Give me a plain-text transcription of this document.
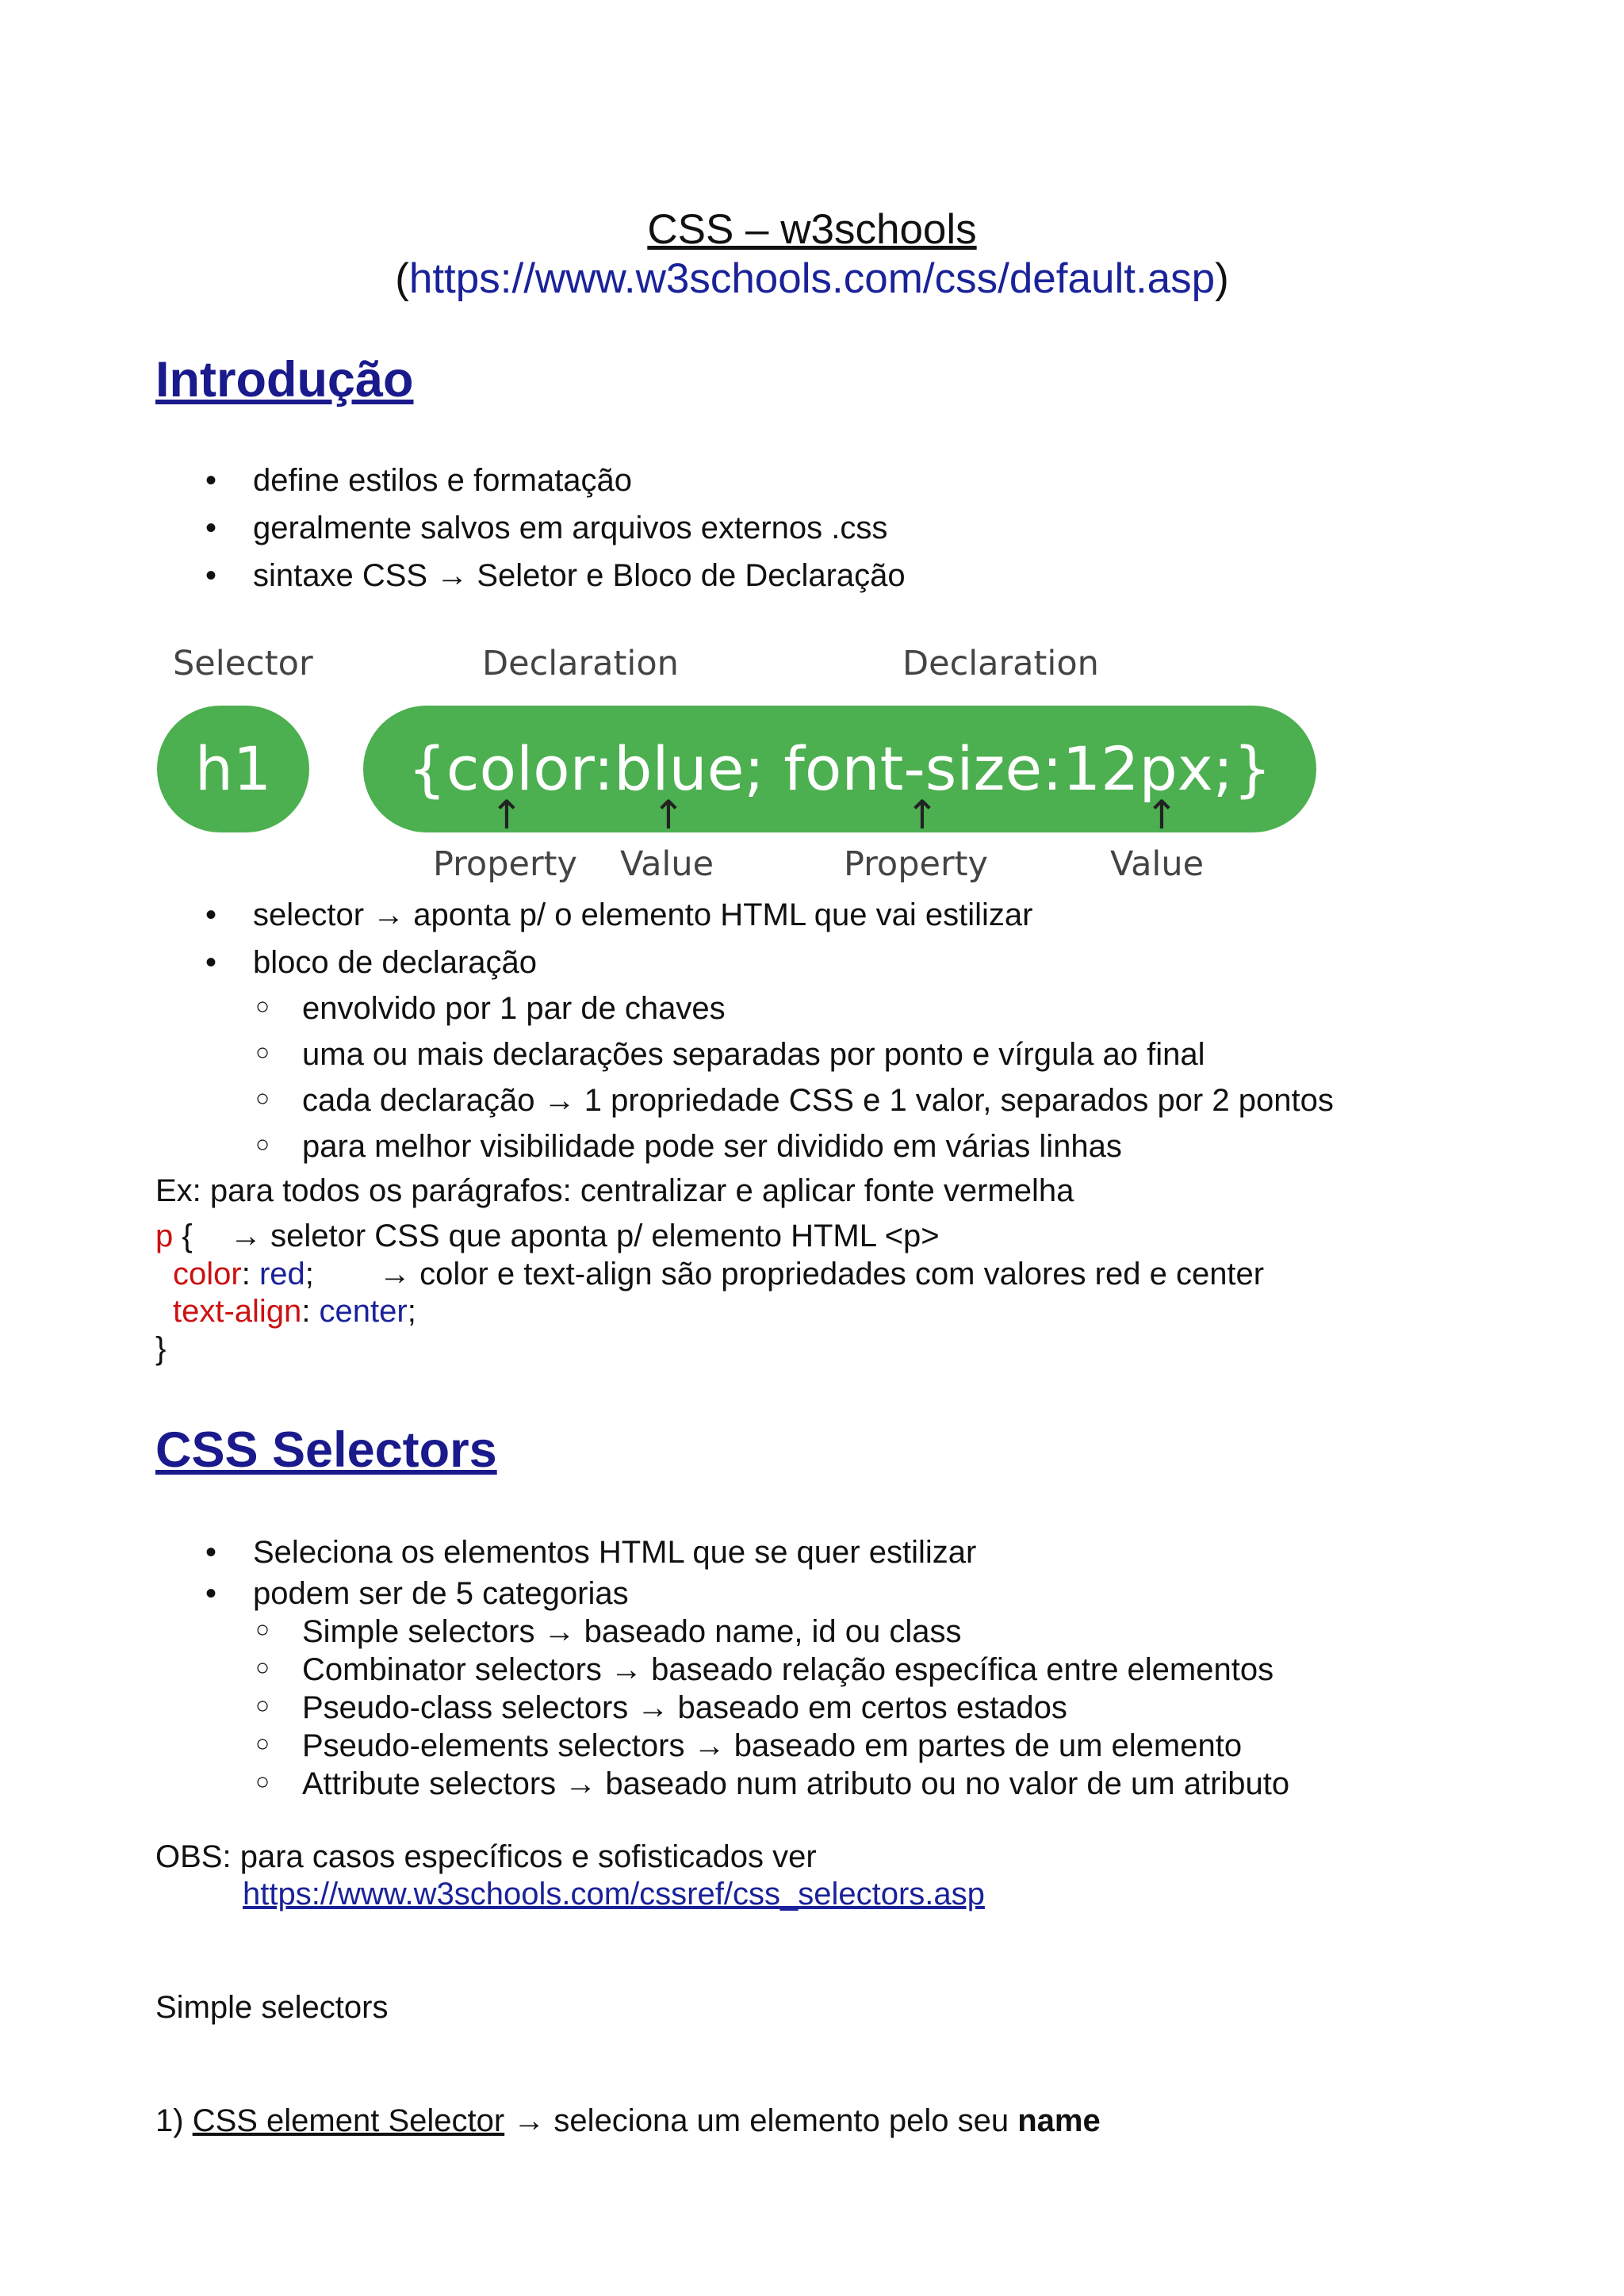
CSS – w3schools
(https://www.w3schools.com/css/default.asp)
Introdução
• define estilos e formatação
• geralmente salvos em arquivos externos .css
• sintaxe CSS → Seletor e Bloco de Declaração
Selector	Declaration	Declaration
h1 {color:blue; font-size:12px;}
↑	↑	↑	↑
Property Value	Property	Value
• selector → aponta p/ o elemento HTML que vai estilizar
• bloco de declaração
○ envolvido por 1 par de chaves
○ uma ou mais declarações separadas por ponto e vírgula ao final
○ cada declaração → 1 propriedade CSS e 1 valor, separados por 2 pontos
○ para melhor visibilidade pode ser dividido em várias linhas
Ex: para todos os parágrafos: centralizar e aplicar fonte vermelha
p { → seletor CSS que aponta p/ elemento HTML <p>
color: red; → color e text-align são propriedades com valores red e center
text-align: center;
}
CSS Selectors
• Seleciona os elementos HTML que se quer estilizar
• podem ser de 5 categorias
○ Simple selectors → baseado name, id ou class
○ Combinator selectors → baseado relação específica entre elementos
○ Pseudo-class selectors → baseado em certos estados
○ Pseudo-elements selectors → baseado em partes de um elemento
○ Attribute selectors → baseado num atributo ou no valor de um atributo
OBS: para casos específicos e sofisticados ver
https://www.w3schools.com/cssref/css_selectors.asp
Simple selectors
1) CSS element Selector → seleciona um elemento pelo seu name
